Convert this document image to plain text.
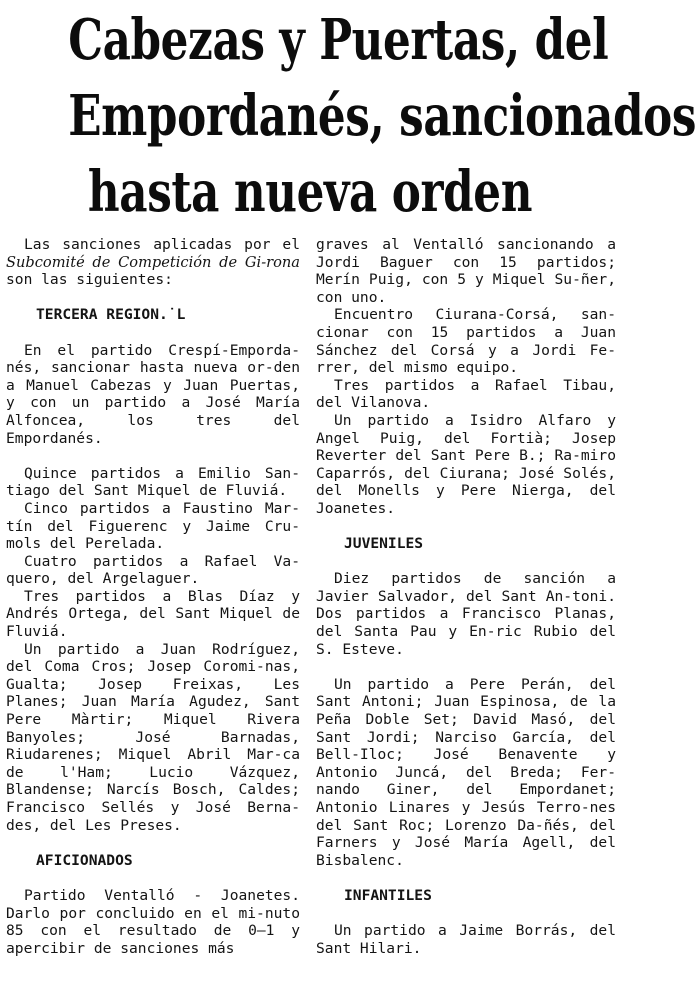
Cabezas y Puertas, del
Empordanés, sancionados
hasta nueva orden

Las sanciones aplicadas por el Subcomité de Competición de Gi-rona son las siguientes:

TERCERA REGION.˙L

En el partido Crespí-Emporda-nés, sancionar hasta nueva or-den a Manuel Cabezas y Juan Puertas, y con un partido a José María Alfoncea, los tres del Empordanés.

Quince partidos a Emilio San-tiago del Sant Miquel de Fluviá.

Cinco partidos a Faustino Mar-tín del Figuerenc y Jaime Cru-mols del Perelada.

Cuatro partidos a Rafael Va-quero, del Argelaguer.

Tres partidos a Blas Díaz y Andrés Ortega, del Sant Miquel de Fluviá.

Un partido a Juan Rodríguez, del Coma Cros; Josep Coromi-nas, Gualta; Josep Freixas, Les Planes; Juan María Agudez, Sant Pere Màrtir; Miquel Rivera Banyoles; José Barnadas, Riudarenes; Miquel Abril Mar-ca de l'Ham; Lucio Vázquez, Blandense; Narcís Bosch, Caldes; Francisco Sellés y José Berna-des, del Les Preses.

AFICIONADOS

Partido Ventalló - Joanetes. Darlo por concluido en el mi-nuto 85 con el resultado de 0—1 y apercibir de sanciones más

graves al Ventalló sancionando a Jordi Baguer con 15 partidos; Merín Puig, con 5 y Miquel Su-ñer, con uno.

Encuentro Ciurana-Corsá, san-cionar con 15 partidos a Juan Sánchez del Corsá y a Jordi Fe-rrer, del mismo equipo.

Tres partidos a Rafael Tibau, del Vilanova.

Un partido a Isidro Alfaro y Angel Puig, del Fortià; Josep Reverter del Sant Pere B.; Ra-miro Caparrós, del Ciurana; José Solés, del Monells y Pere Nierga, del Joanetes.

JUVENILES

Diez partidos de sanción a Javier Salvador, del Sant An-toni. Dos partidos a Francisco Planas, del Santa Pau y En-ric Rubio del S. Esteve.

Un partido a Pere Perán, del Sant Antoni; Juan Espinosa, de la Peña Doble Set; David Masó, del Sant Jordi; Narciso García, del Bell-Iloc; José Benavente y Antonio Juncá, del Breda; Fer-nando Giner, del Empordanet; Antonio Linares y Jesús Terro-nes del Sant Roc; Lorenzo Da-ñés, del Farners y José María Agell, del Bisbalenc.

INFANTILES

Un partido a Jaime Borrás, del Sant Hilari.
